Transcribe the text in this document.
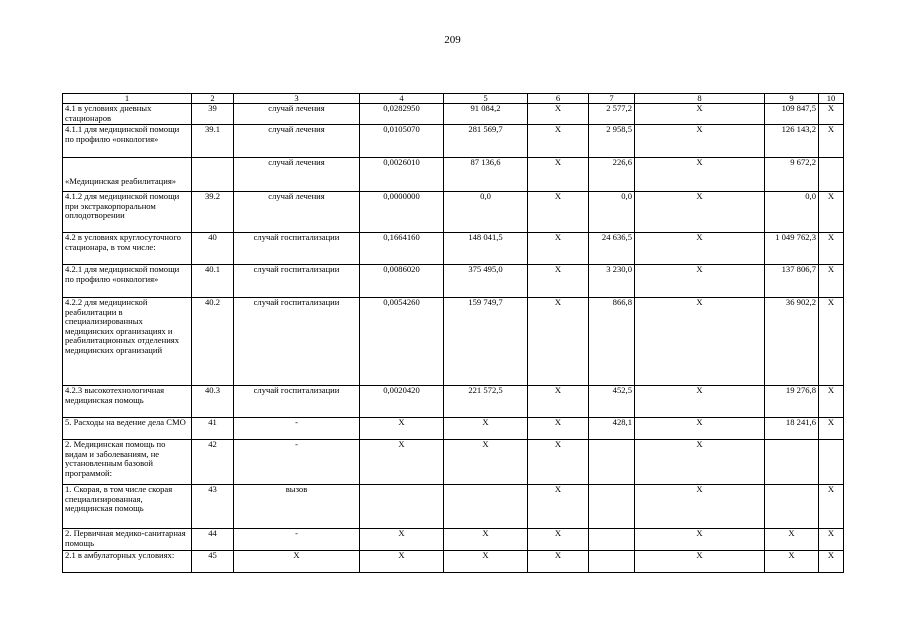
209
1	2	3	4	5	6	7	8	9	10
4.1 в условиях дневных стационаров	39	случай лечения	0,0282950	91 084,2	X	2 577,2	X	109 847,5	X
4.1.1 для медицинской помощи по профилю «онкология»	39.1	случай лечения	0,0105070	281 569,7	X	2 958,5	X	126 143,2	X
«Медицинская реабилитация»		случай лечения	0,0026010	87 136,6	X	226,6	X	9 672,2	
4.1.2 для медицинской помощи при экстракорпоральном оплодотворении	39.2	случай лечения	0,0000000	0,0	X	0,0	X	0,0	X
4.2 в условиях круглосуточного стационара, в том числе:	40	случай госпитализации	0,1664160	148 041,5	X	24 636,5	X	1 049 762,3	X
4.2.1 для медицинской помощи по профилю «онкология»	40.1	случай госпитализации	0,0086020	375 495,0	X	3 230,0	X	137 806,7	X
4.2.2 для медицинской реабилитации в специализированных медицинских организациях и реабилитационных отделениях медицинских организаций	40.2	случай госпитализации	0,0054260	159 749,7	X	866,8	X	36 902,2	X
4.2.3 высокотехнологичная медицинская помощь	40.3	случай госпитализации	0,0020420	221 572,5	X	452,5	X	19 276,8	X
5. Расходы на ведение дела СМО	41	-	X	X	X	428,1	X	18 241,6	X
2. Медицинская помощь по видам и заболеваниям, не установленным базовой программой:	42	-	X	X	X		X		
1. Скорая, в том числе скорая специализированная, медицинская помощь	43	вызов			X		X		X
2. Первичная медико-санитарная помощь	44	-	X	X	X		X	X	X
2.1 в амбулаторных условиях:	45	X	X	X	X		X	X	X
